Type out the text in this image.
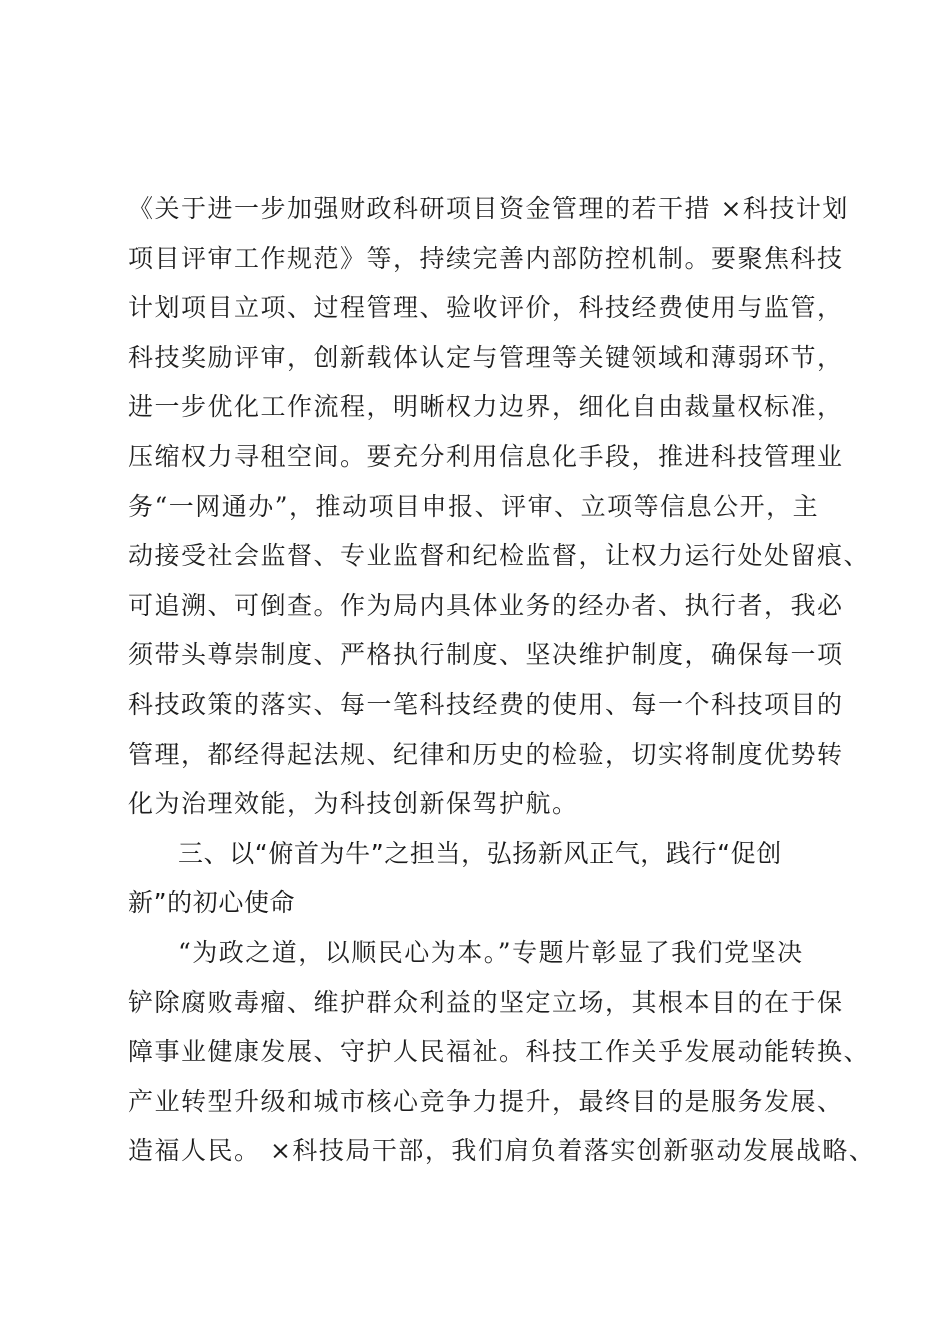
《关于进一步加强财政科研项目资金管理的若干措 ×科技计划
项目评审工作规范》等，持续完善内部防控机制。要聚焦科技
计划项目立项、过程管理、验收评价，科技经费使用与监管，
科技奖励评审，创新载体认定与管理等关键领域和薄弱环节，
进一步优化工作流程，明晰权力边界，细化自由裁量权标准，
压缩权力寻租空间。要充分利用信息化手段，推进科技管理业
务“一网通办”，推动项目申报、评审、立项等信息公开，主
动接受社会监督、专业监督和纪检监督，让权力运行处处留痕、
可追溯、可倒查。作为局内具体业务的经办者、执行者，我必
须带头尊崇制度、严格执行制度、坚决维护制度，确保每一项
科技政策的落实、每一笔科技经费的使用、每一个科技项目的
管理，都经得起法规、纪律和历史的检验，切实将制度优势转
化为治理效能，为科技创新保驾护航。
三、以“俯首为牛”之担当，弘扬新风正气，践行“促创
新”的初心使命
“为政之道，以顺民心为本。”专题片彰显了我们党坚决
铲除腐败毒瘤、维护群众利益的坚定立场，其根本目的在于保
障事业健康发展、守护人民福祉。科技工作关乎发展动能转换、
产业转型升级和城市核心竞争力提升，最终目的是服务发展、
造福人民。 ×科技局干部，我们肩负着落实创新驱动发展战略、
